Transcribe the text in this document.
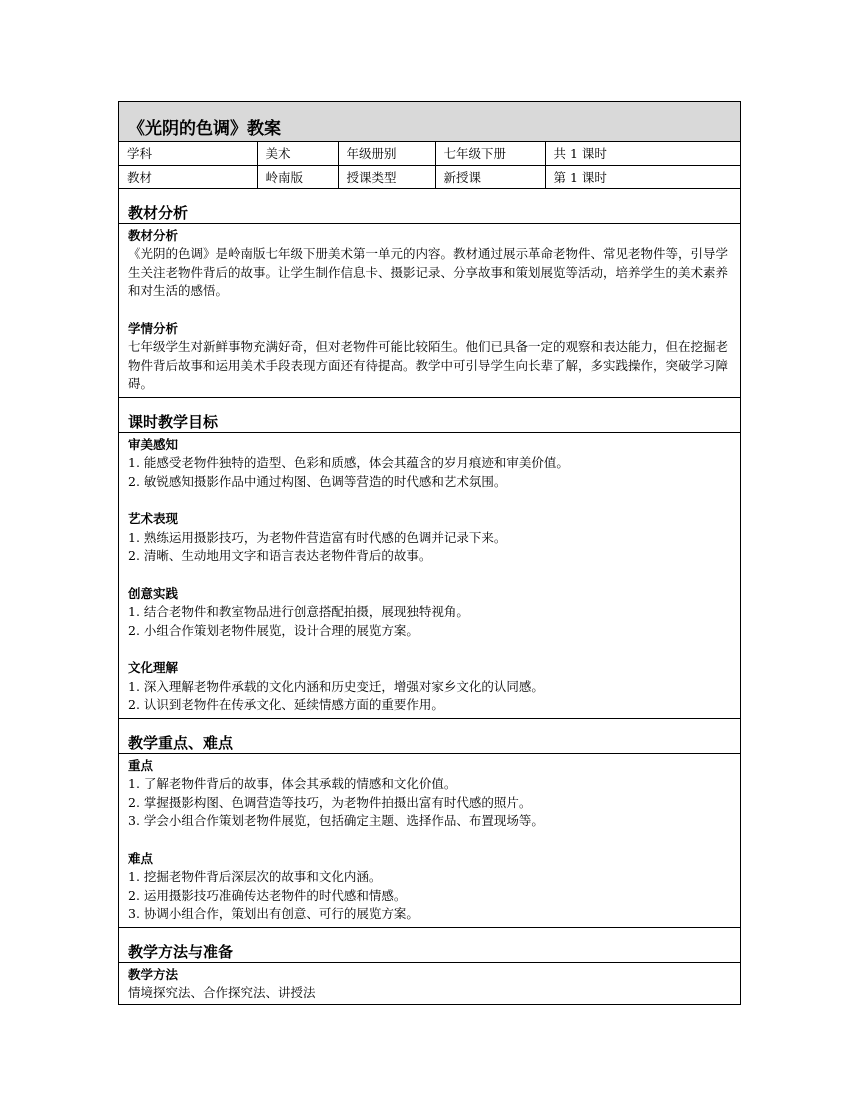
《光阴的色调》教案
学科	美术	年级册别	七年级下册	共 1 课时
教材	岭南版	授课类型	新授课	第 1 课时
教材分析
教材分析
《光阴的色调》是岭南版七年级下册美术第一单元的内容。教材通过展示革命老物件、常见老物件等，引导学生关注老物件背后的故事。让学生制作信息卡、摄影记录、分享故事和策划展览等活动，培养学生的美术素养和对生活的感悟。
学情分析
七年级学生对新鲜事物充满好奇，但对老物件可能比较陌生。他们已具备一定的观察和表达能力，但在挖掘老物件背后故事和运用美术手段表现方面还有待提高。教学中可引导学生向长辈了解，多实践操作，突破学习障碍。
课时教学目标
审美感知
1. 能感受老物件独特的造型、色彩和质感，体会其蕴含的岁月痕迹和审美价值。
2. 敏锐感知摄影作品中通过构图、色调等营造的时代感和艺术氛围。
艺术表现
1. 熟练运用摄影技巧，为老物件营造富有时代感的色调并记录下来。
2. 清晰、生动地用文字和语言表达老物件背后的故事。
创意实践
1. 结合老物件和教室物品进行创意搭配拍摄，展现独特视角。
2. 小组合作策划老物件展览，设计合理的展览方案。
文化理解
1. 深入理解老物件承载的文化内涵和历史变迁，增强对家乡文化的认同感。
2. 认识到老物件在传承文化、延续情感方面的重要作用。
教学重点、难点
重点
1. 了解老物件背后的故事，体会其承载的情感和文化价值。
2. 掌握摄影构图、色调营造等技巧，为老物件拍摄出富有时代感的照片。
3. 学会小组合作策划老物件展览，包括确定主题、选择作品、布置现场等。
难点
1. 挖掘老物件背后深层次的故事和文化内涵。
2. 运用摄影技巧准确传达老物件的时代感和情感。
3. 协调小组合作，策划出有创意、可行的展览方案。
教学方法与准备
教学方法
情境探究法、合作探究法、讲授法
